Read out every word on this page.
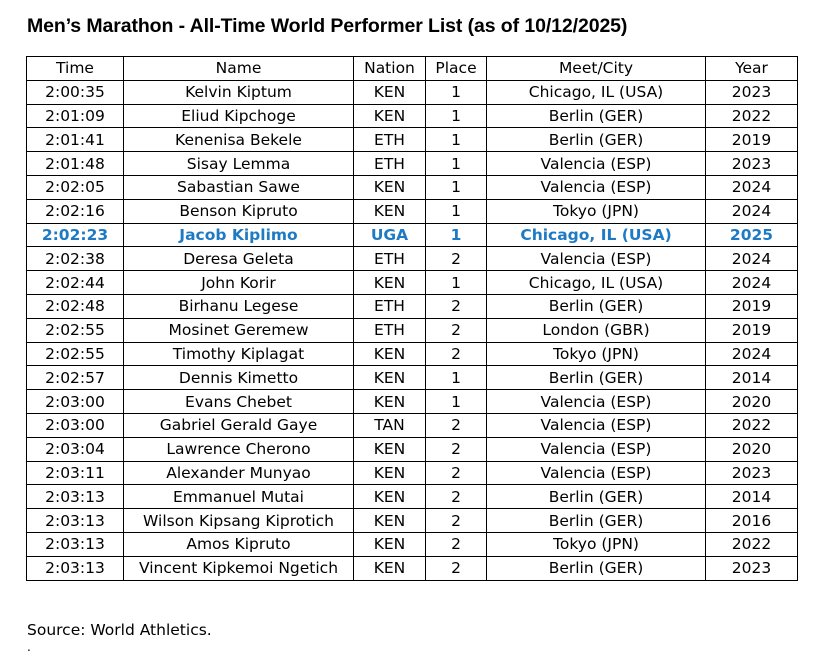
Men’s Marathon - All-Time World Performer List (as of 10/12/2025)
Time	Name	Nation	Place	Meet/City	Year
2:00:35	Kelvin Kiptum	KEN	1	Chicago, IL (USA)	2023
2:01:09	Eliud Kipchoge	KEN	1	Berlin (GER)	2022
2:01:41	Kenenisa Bekele	ETH	1	Berlin (GER)	2019
2:01:48	Sisay Lemma	ETH	1	Valencia (ESP)	2023
2:02:05	Sabastian Sawe	KEN	1	Valencia (ESP)	2024
2:02:16	Benson Kipruto	KEN	1	Tokyo (JPN)	2024
2:02:23	Jacob Kiplimo	UGA	1	Chicago, IL (USA)	2025
2:02:38	Deresa Geleta	ETH	2	Valencia (ESP)	2024
2:02:44	John Korir	KEN	1	Chicago, IL (USA)	2024
2:02:48	Birhanu Legese	ETH	2	Berlin (GER)	2019
2:02:55	Mosinet Geremew	ETH	2	London (GBR)	2019
2:02:55	Timothy Kiplagat	KEN	2	Tokyo (JPN)	2024
2:02:57	Dennis Kimetto	KEN	1	Berlin (GER)	2014
2:03:00	Evans Chebet	KEN	1	Valencia (ESP)	2020
2:03:00	Gabriel Gerald Gaye	TAN	2	Valencia (ESP)	2022
2:03:04	Lawrence Cherono	KEN	2	Valencia (ESP)	2020
2:03:11	Alexander Munyao	KEN	2	Valencia (ESP)	2023
2:03:13	Emmanuel Mutai	KEN	2	Berlin (GER)	2014
2:03:13	Wilson Kipsang Kiprotich	KEN	2	Berlin (GER)	2016
2:03:13	Amos Kipruto	KEN	2	Tokyo (JPN)	2022
2:03:13	Vincent Kipkemoi Ngetich	KEN	2	Berlin (GER)	2023
Source: World Athletics.
.
